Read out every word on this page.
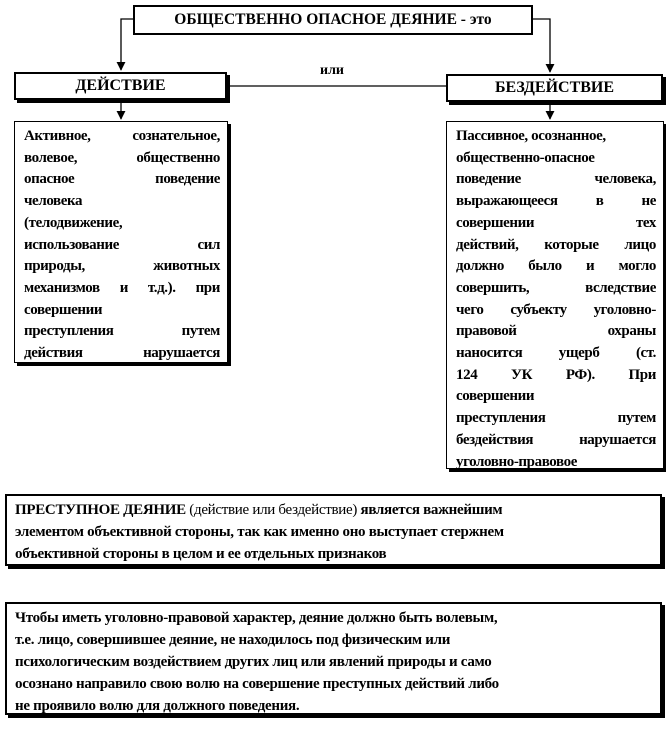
ОБЩЕСТВЕННО ОПАСНОЕ ДЕЯНИЕ - это
или
ДЕЙСТВИЕ	БЕЗДЕЙСТВИЕ
Активное, сознательное,
волевое, общественно
опасное поведение
человека
(телодвижение,
использование сил
природы, животных
механизмов и т.д.). при
совершении
преступления путем
действия нарушается
Пассивное, осознанное,
общественно-опасное
поведение человека,
выражающееся в не
совершении тех
действий, которые лицо
должно было и могло
совершить, вследствие
чего субъекту уголовно-
правовой охраны
наносится ущерб (ст.
124 УК РФ). При
совершении
преступления путем
бездействия нарушается
уголовно-правовое
ПРЕСТУПНОЕ ДЕЯНИЕ (действие или бездействие) является важнейшим
элементом объективной стороны, так как именно оно выступает стержнем
объективной стороны в целом и ее отдельных признаков
Чтобы иметь уголовно-правовой характер, деяние должно быть волевым,
т.е. лицо, совершившее деяние, не находилось под физическим или
психологическим воздействием других лиц или явлений природы и само
осознано направило свою волю на совершение преступных действий либо
не проявило волю для должного поведения.
